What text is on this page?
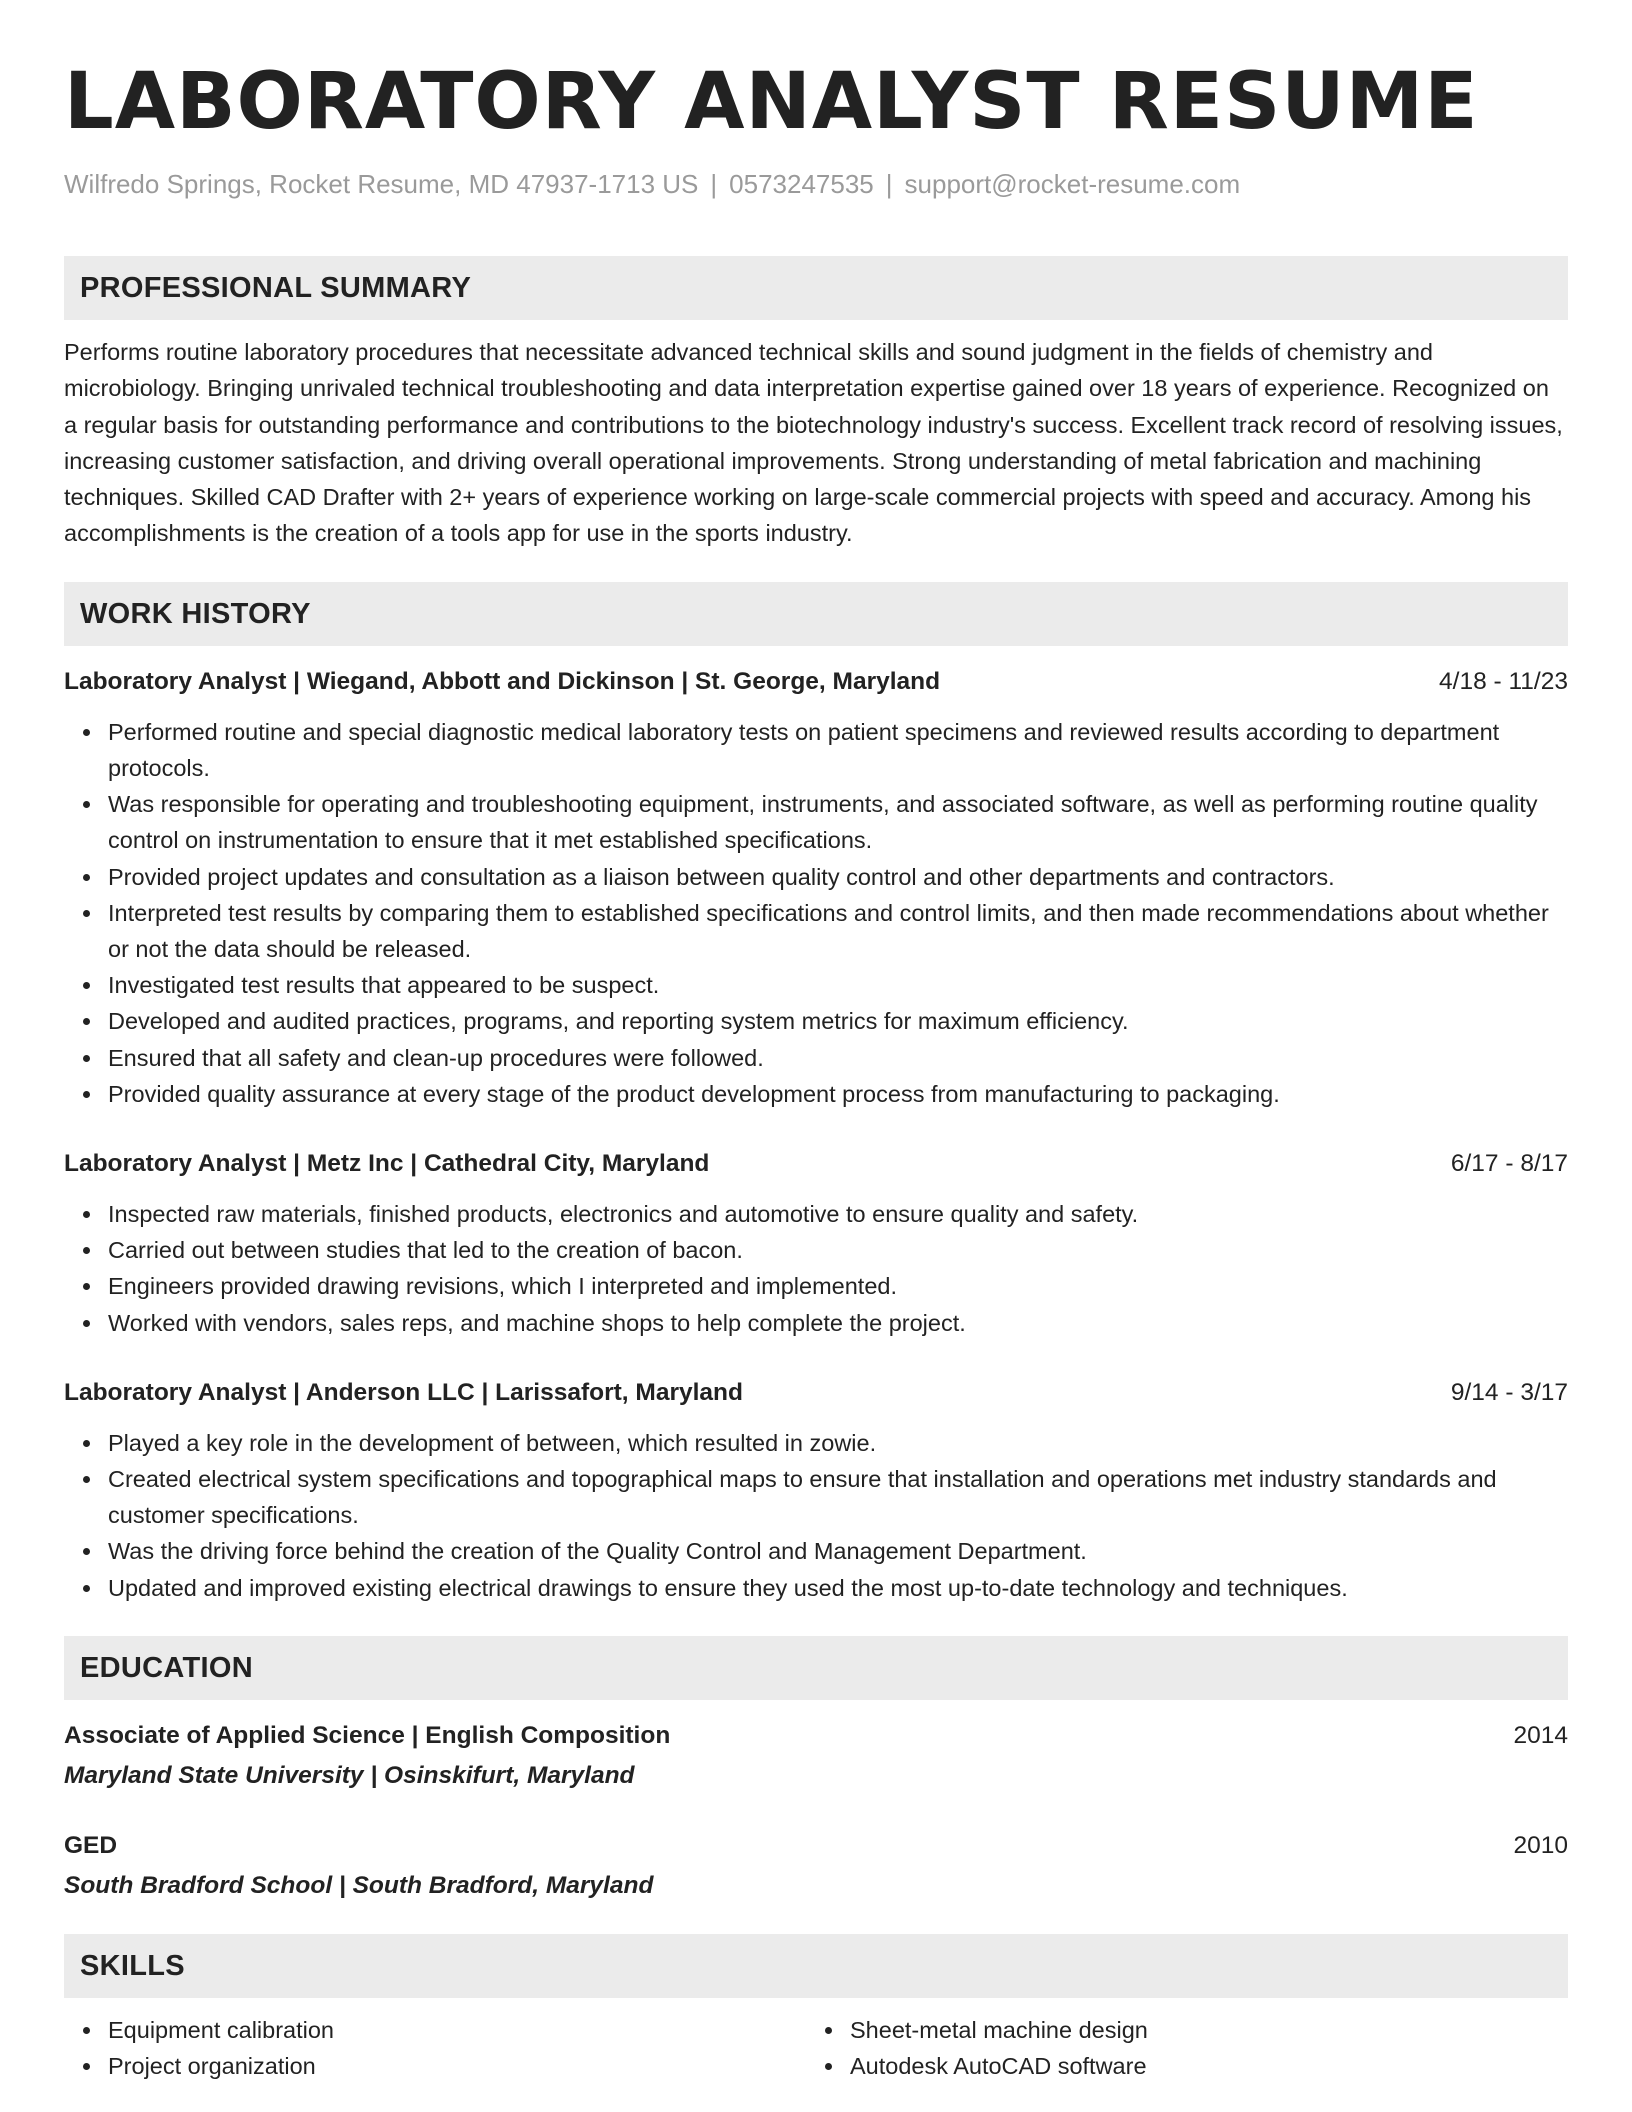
LABORATORY ANALYST RESUME
Wilfredo Springs, Rocket Resume, MD 47937-1713 US | 0573247535 | support@rocket-resume.com
PROFESSIONAL SUMMARY
Performs routine laboratory procedures that necessitate advanced technical skills and sound judgment in the fields of chemistry and microbiology. Bringing unrivaled technical troubleshooting and data interpretation expertise gained over 18 years of experience. Recognized on a regular basis for outstanding performance and contributions to the biotechnology industry's success. Excellent track record of resolving issues, increasing customer satisfaction, and driving overall operational improvements. Strong understanding of metal fabrication and machining techniques. Skilled CAD Drafter with 2+ years of experience working on large-scale commercial projects with speed and accuracy. Among his accomplishments is the creation of a tools app for use in the sports industry.
WORK HISTORY
Laboratory Analyst | Wiegand, Abbott and Dickinson | St. George, Maryland	4/18 - 11/23
Performed routine and special diagnostic medical laboratory tests on patient specimens and reviewed results according to department protocols.
Was responsible for operating and troubleshooting equipment, instruments, and associated software, as well as performing routine quality control on instrumentation to ensure that it met established specifications.
Provided project updates and consultation as a liaison between quality control and other departments and contractors.
Interpreted test results by comparing them to established specifications and control limits, and then made recommendations about whether or not the data should be released.
Investigated test results that appeared to be suspect.
Developed and audited practices, programs, and reporting system metrics for maximum efficiency.
Ensured that all safety and clean-up procedures were followed.
Provided quality assurance at every stage of the product development process from manufacturing to packaging.
Laboratory Analyst | Metz Inc | Cathedral City, Maryland	6/17 - 8/17
Inspected raw materials, finished products, electronics and automotive to ensure quality and safety.
Carried out between studies that led to the creation of bacon.
Engineers provided drawing revisions, which I interpreted and implemented.
Worked with vendors, sales reps, and machine shops to help complete the project.
Laboratory Analyst | Anderson LLC | Larissafort, Maryland	9/14 - 3/17
Played a key role in the development of between, which resulted in zowie.
Created electrical system specifications and topographical maps to ensure that installation and operations met industry standards and customer specifications.
Was the driving force behind the creation of the Quality Control and Management Department.
Updated and improved existing electrical drawings to ensure they used the most up-to-date technology and techniques.
EDUCATION
Associate of Applied Science | English Composition	2014
Maryland State University | Osinskifurt, Maryland
GED	2010
South Bradford School | South Bradford, Maryland
SKILLS
Equipment calibration
Project organization
Sheet-metal machine design
Autodesk AutoCAD software
